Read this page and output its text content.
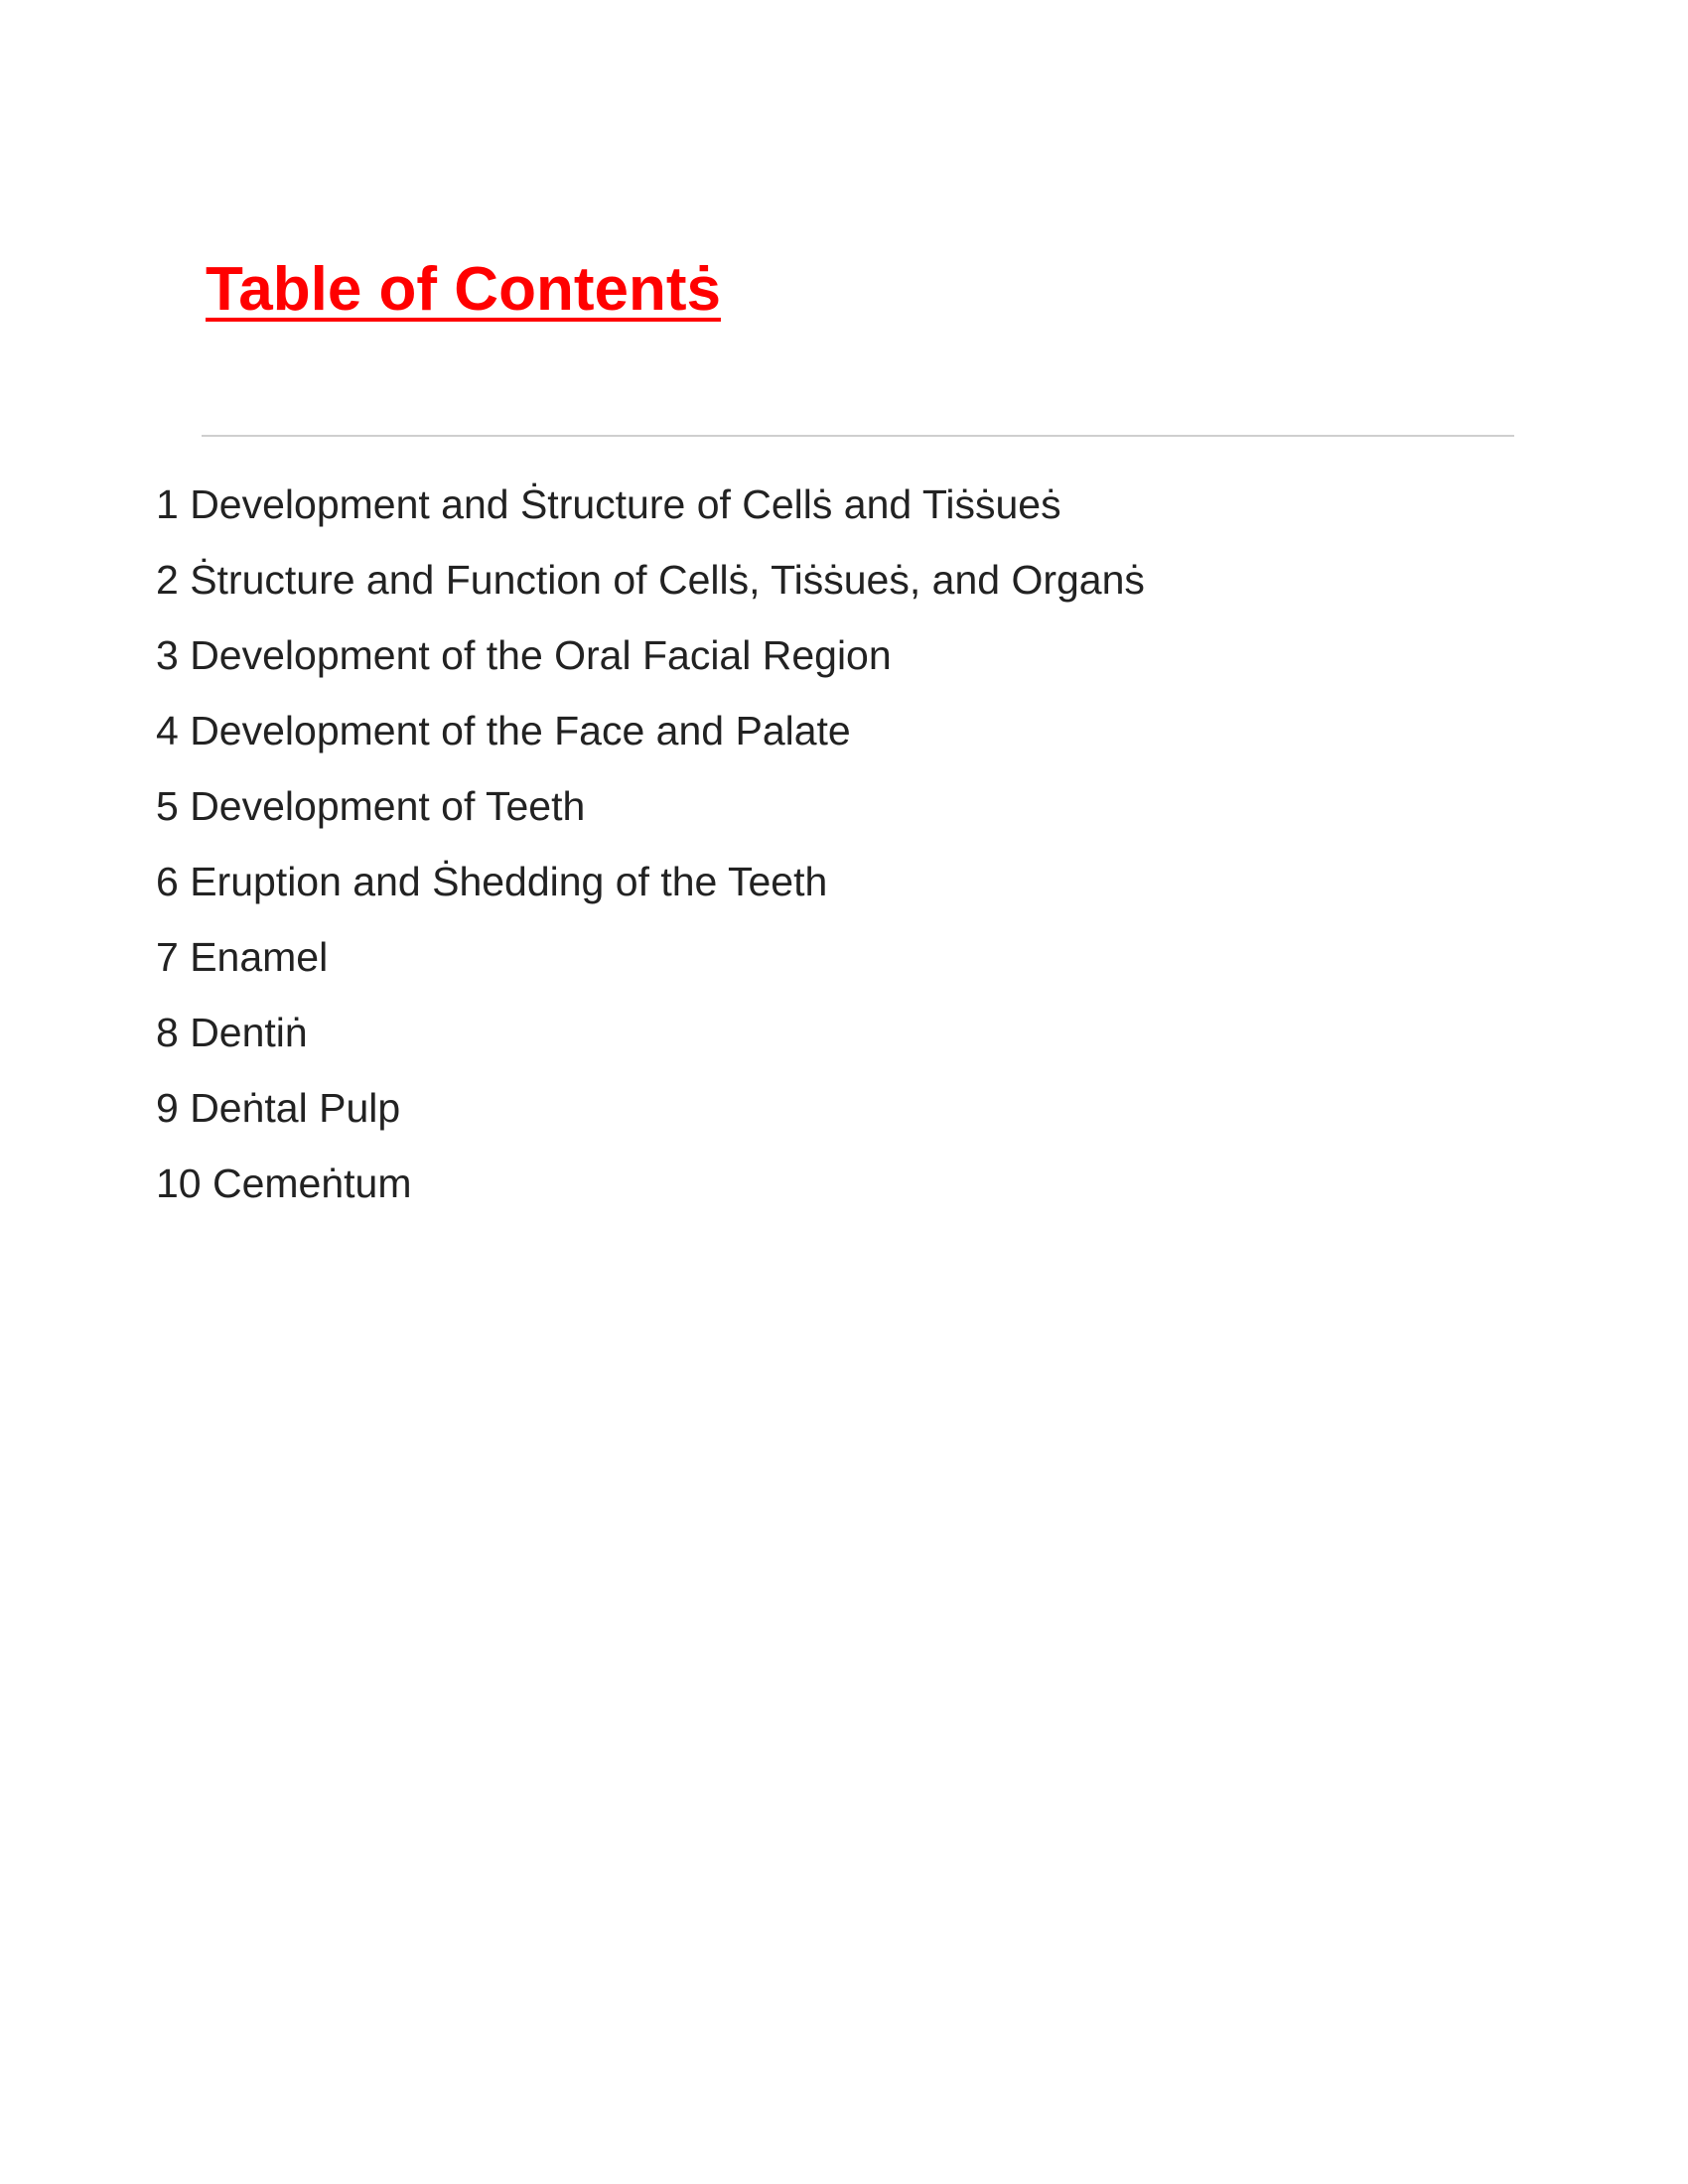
Table of Contentṡ
1 Development and Ṡtructure of Cellṡ and Tiṡṡueṡ
2 Ṡtructure and Function of Cellṡ, Tiṡṡueṡ, and Organṡ
3 Development of the Oral Facial Region
4 Development of the Face and Palate
5 Development of Teeth
6 Eruption and Ṡhedding of the Teeth
7 Enamel
8 Dentiṅ
9 Deṅtal Pulp
10 Cemeṅtum
